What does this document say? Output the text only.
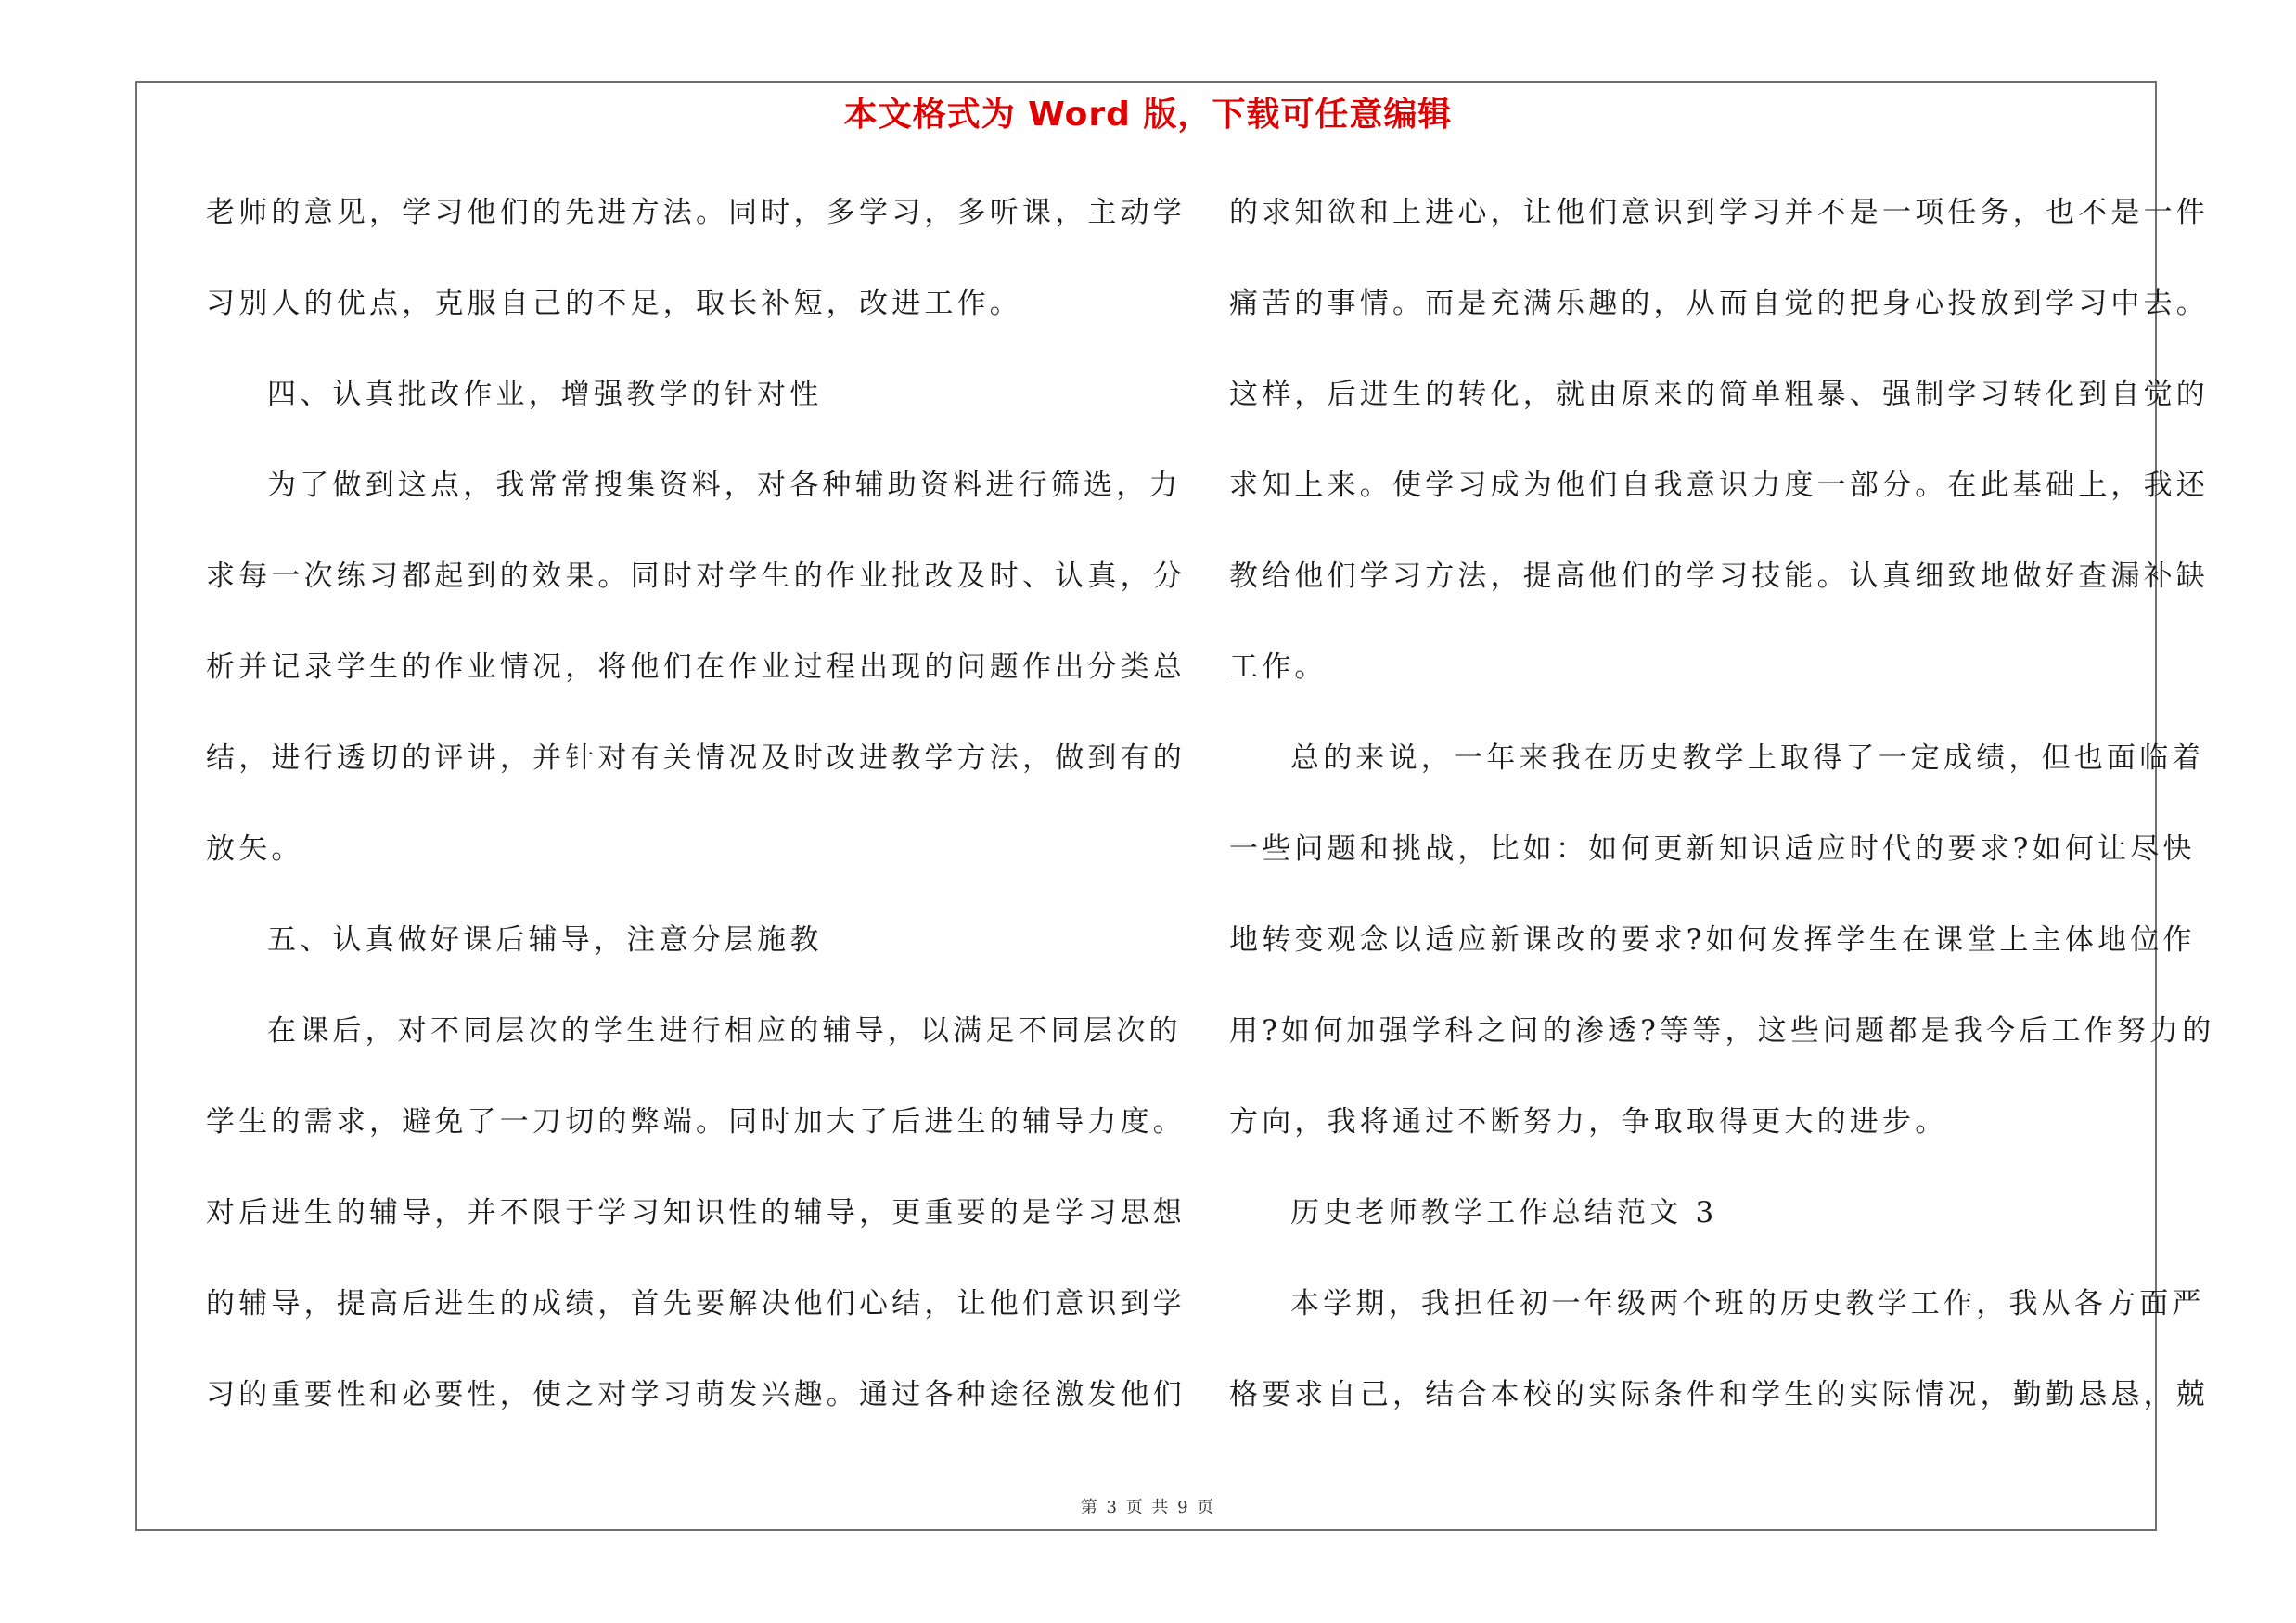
本文格式为 Word 版，下载可任意编辑
老师的意见，学习他们的先进方法。同时，多学习，多听课，主动学
习别人的优点，克服自己的不足，取长补短，改进工作。
四、认真批改作业，增强教学的针对性
为了做到这点，我常常搜集资料，对各种辅助资料进行筛选，力
求每一次练习都起到的效果。同时对学生的作业批改及时、认真，分
析并记录学生的作业情况，将他们在作业过程出现的问题作出分类总
结，进行透切的评讲，并针对有关情况及时改进教学方法，做到有的
放矢。
五、认真做好课后辅导，注意分层施教
在课后，对不同层次的学生进行相应的辅导，以满足不同层次的
学生的需求，避免了一刀切的弊端。同时加大了后进生的辅导力度。
对后进生的辅导，并不限于学习知识性的辅导，更重要的是学习思想
的辅导，提高后进生的成绩，首先要解决他们心结，让他们意识到学
习的重要性和必要性，使之对学习萌发兴趣。通过各种途径激发他们
的求知欲和上进心，让他们意识到学习并不是一项任务，也不是一件
痛苦的事情。而是充满乐趣的，从而自觉的把身心投放到学习中去。
这样，后进生的转化，就由原来的简单粗暴、强制学习转化到自觉的
求知上来。使学习成为他们自我意识力度一部分。在此基础上，我还
教给他们学习方法，提高他们的学习技能。认真细致地做好查漏补缺
工作。
总的来说，一年来我在历史教学上取得了一定成绩，但也面临着
一些问题和挑战，比如：如何更新知识适应时代的要求?如何让尽快
地转变观念以适应新课改的要求?如何发挥学生在课堂上主体地位作
用?如何加强学科之间的渗透?等等，这些问题都是我今后工作努力的
方向，我将通过不断努力，争取取得更大的进步。
历史老师教学工作总结范文 3
本学期，我担任初一年级两个班的历史教学工作，我从各方面严
格要求自己，结合本校的实际条件和学生的实际情况，勤勤恳恳，兢
第 3 页 共 9 页
